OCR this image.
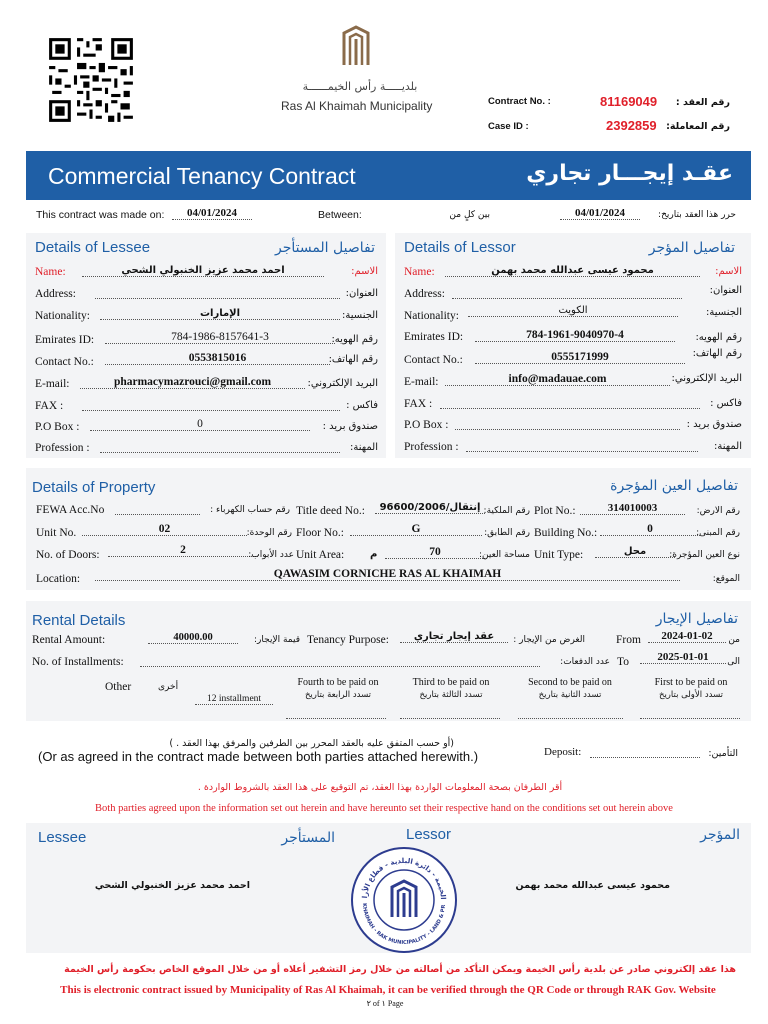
بلديـــــة رأس الخيمــــــة
Ras Al Khaimah Municipality	Contract No. :	81169049	رقم العقد :
Case ID :	2392859 رقم المعاملة:
Commercial Tenancy Contract	عقـد إيجـــار تجاري
This contract was made on:	04/01/2024	Between:	بين كلٍ من	04/01/2024	حرر هذا العقد بتاريخ:
Details of Lessee	تفاصيل المستأجر
Name:	احمد محمد عزيز الخنبولي الشحي	الاسم:
Address:	العنوان:
Nationality:	الإمارات	الجنسية:
Emirates ID:	784-1986-8157641-3	رقم الهويه:
Contact No.:	0553815016	رقم الهاتف:
E-mail:	pharmacymazrouci@gmail.com	البريد الإلكتروني:
FAX :	فاكس :
P.O Box :	0	صندوق بريد :
Profession :	المهنة:
Details of Lessor	تفاصيل المؤجر
Name:	محمود عيسى عبدالله محمد بهمن	الاسم:
Address:	العنوان:
Nationality:	الكويت	الجنسية:
Emirates ID:	784-1961-9040970-4	رقم الهويه:
Contact No.:	0555171999	رقم الهاتف:
E-mail:	info@madauae.com	البريد الإلكتروني:
FAX :	فاكس :
P.O Box :	صندوق بريد :
Profession :	المهنة:
Details of Property	تفاصيل العين المؤجرة
FEWA Acc.No	رقم حساب الكهرباء : Title deed No.:	إنتقال/96600/2006 رقم الملكية: Plot No.:	314010003	رقم الارض:
Unit No.	02	رقم الوحدة: Floor No.:	G	رقم الطابق: Building No.:	0	رقم المبنى:
No. of Doors:	2	عدد الأبواب: Unit Area:	م	70	مساحة العين: Unit Type:	محل	نوع العين المؤجرة:
Location:	QAWASIM CORNICHE RAS AL KHAIMAH	الموقع:
Rental Details	تفاصيل الإيجار
Rental Amount:	40000.00	قيمة الإيجار: Tenancy Purpose:	عقد إيجار تجاري	الغرض من الإيجار :	From	2024-01-02	من
No. of Installments:	عدد الدفعات: To	2025-01-01	الى
Other	أخرى
12 installment
Fourth to be paid on
تسدد الرابعة بتاريخ
Third to be paid on
تسدد الثالثة بتاريخ
Second to be paid on
تسدد الثانية بتاريخ
First to be paid on
تسدد الأولى بتاريخ
(أو حسب المتفق عليه بالعقد المحرر بين الطرفين والمرفق بهذا العقد . )
(Or as agreed in the contract made between both parties attached herewith.)	Deposit:	التأمين:
أقر الطرفان بصحة المعلومات الواردة بهذا العقد، تم التوقيع على هذا العقد بالشروط الواردة .
Both parties agreed upon the information set out herein and have hereunto set their respective hand on the conditions set out herein above
Lessee	المستأجر	Lessor	المؤجر
احمد محمد عزيز الخنبولي الشحي	محمود عيسى عبدالله محمد بهمن
الخيمة - دائرة البلدية - قطاع الأراضي
KHAIMAH - RAK MUNICIPALITY - LAND & PR
هذا عقد إلكتروني صادر عن بلدية رأس الخيمة ويمكن التأكد من أصالته من خلال رمز التشفير أعلاه أو من خلال الموقع الخاص بحكومة رأس الخيمة
This is electronic contract issued by Municipality of Ras Al Khaimah, it can be verified through the QR Code or through RAK Gov. Website
٢ of ١ Page
